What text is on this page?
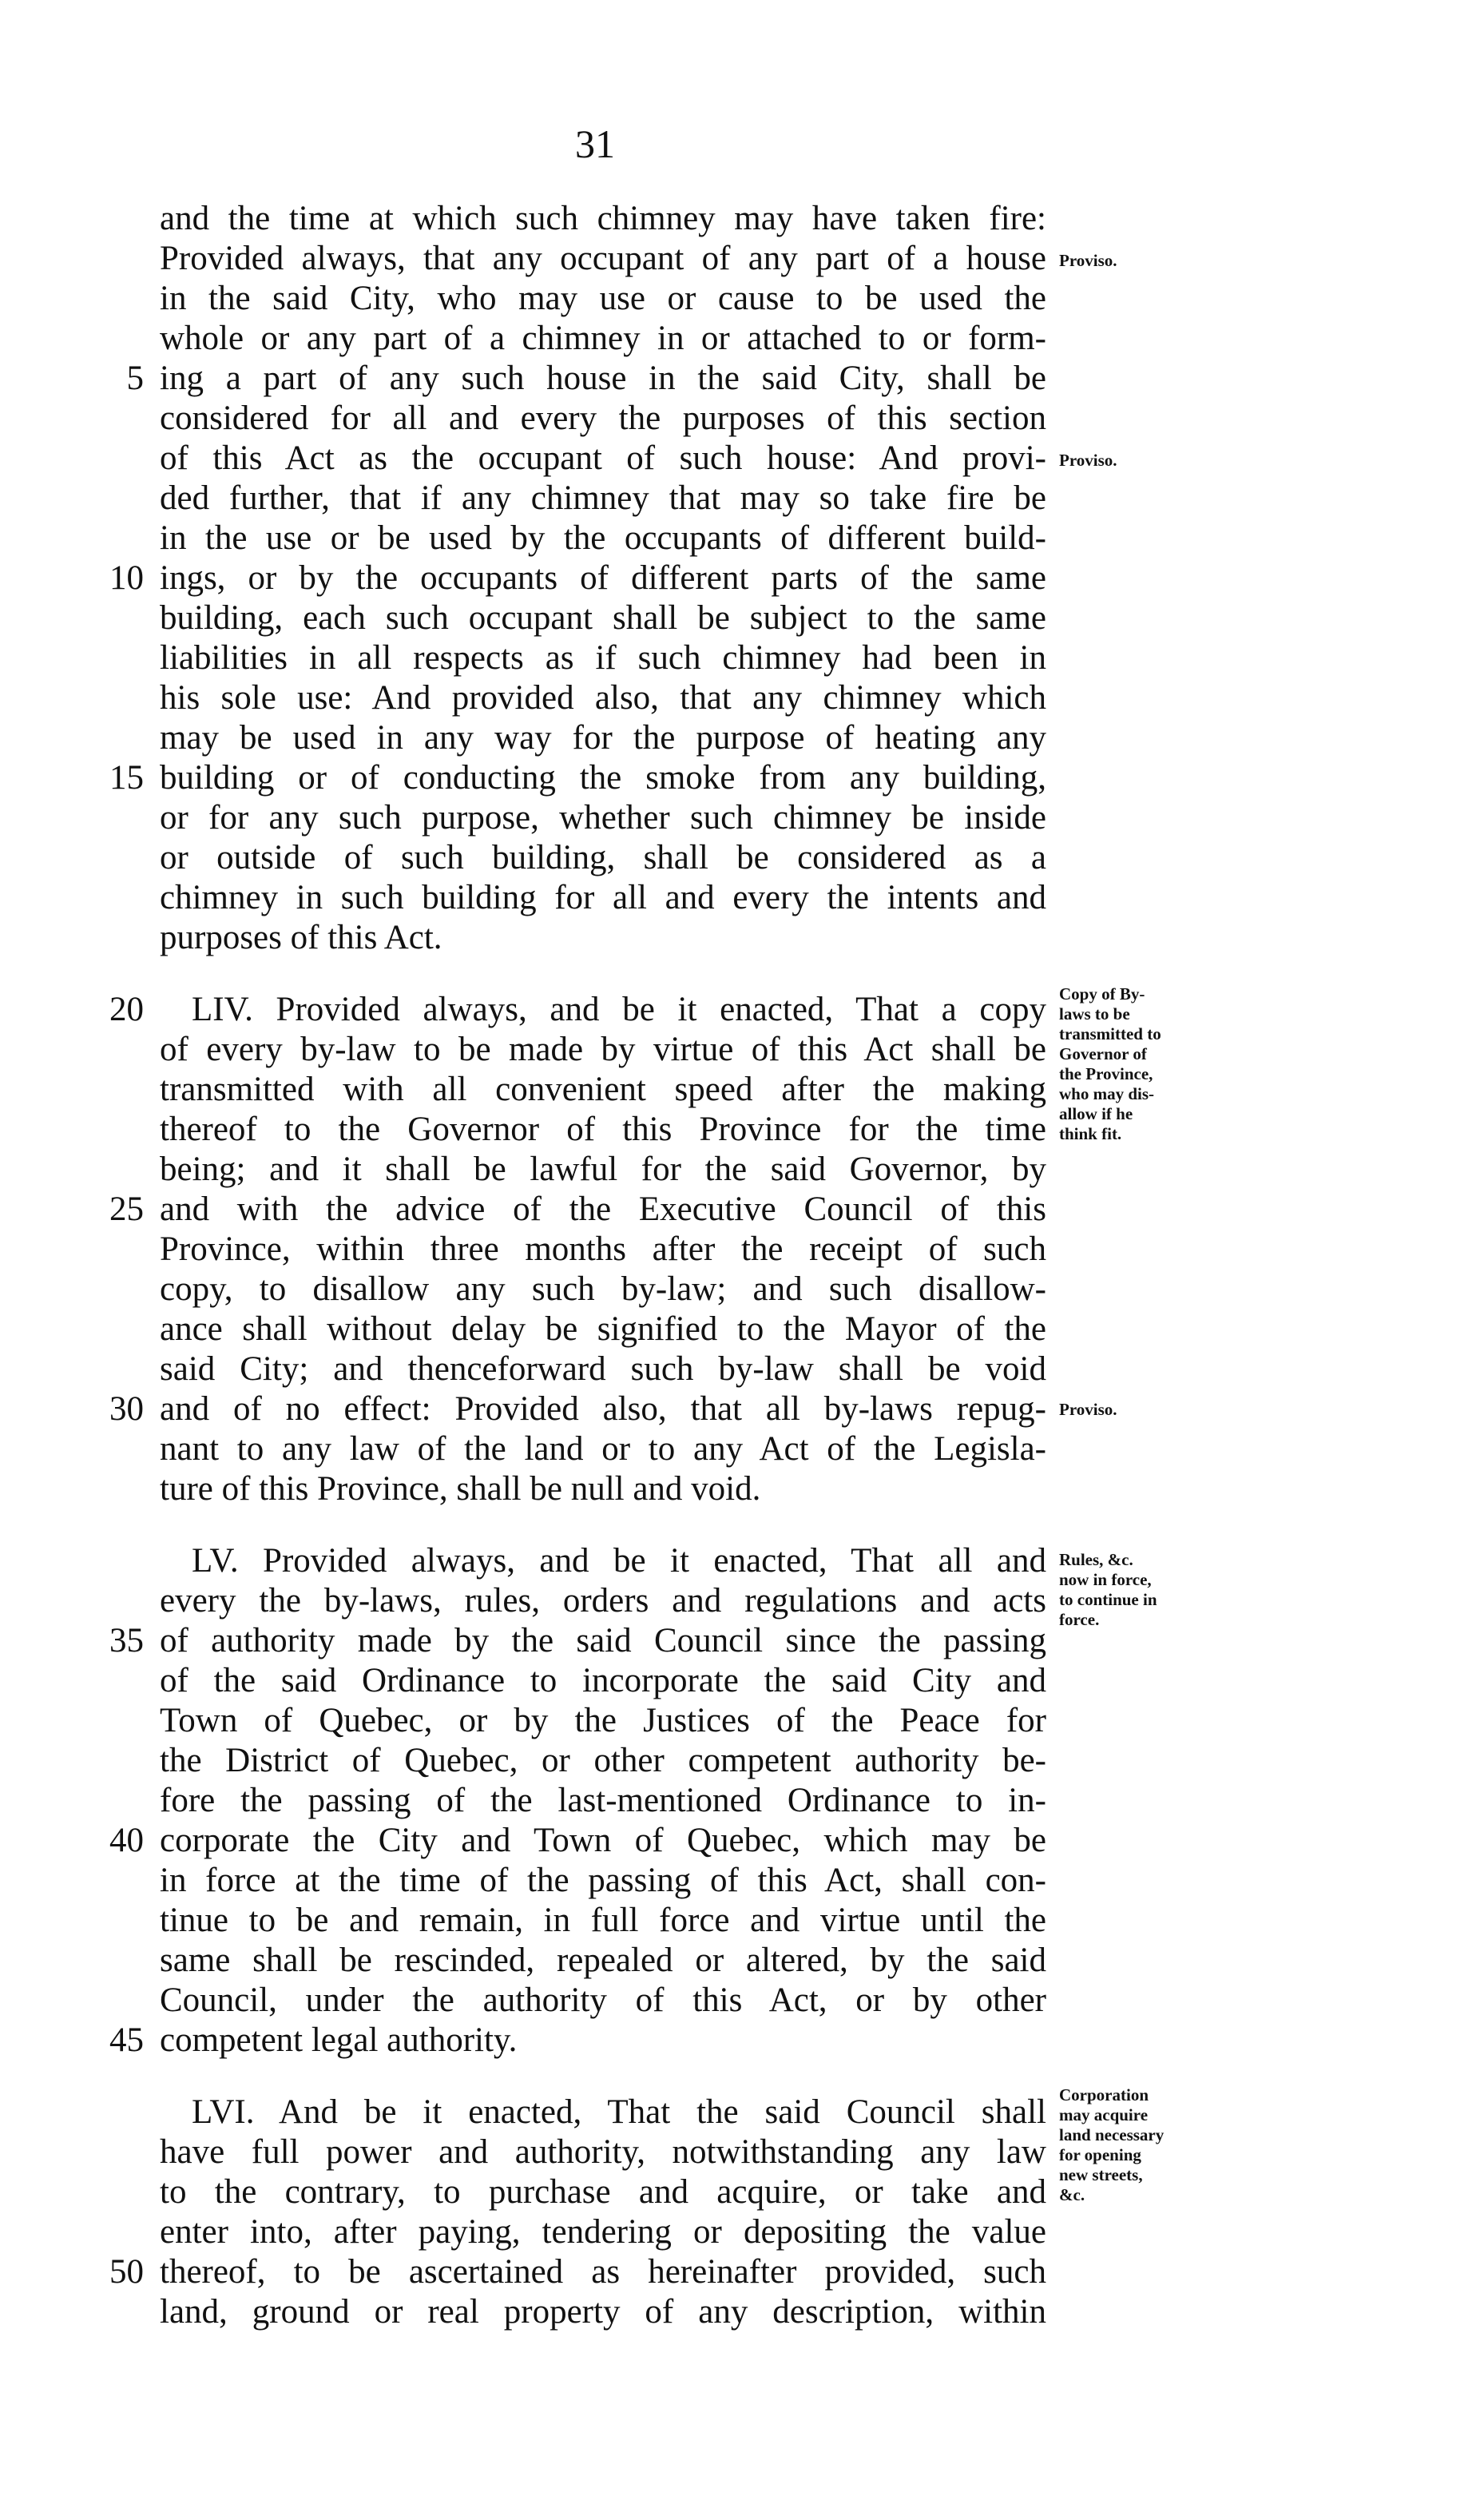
31
and the time at which such chimney may have taken fire:
Provided always, that any occupant of any part of a house
in the said City, who may use or cause to be used the
whole or any part of a chimney in or attached to or form-
ing a part of any such house in the said City, shall be
considered for all and every the purposes of this section
of this Act as the occupant of such house: And provi-
ded further, that if any chimney that may so take fire be
in the use or be used by the occupants of different build-
ings, or by the occupants of different parts of the same
building, each such occupant shall be subject to the same
liabilities in all respects as if such chimney had been in
his sole use: And provided also, that any chimney which
may be used in any way for the purpose of heating any
building or of conducting the smoke from any building,
or for any such purpose, whether such chimney be inside
or outside of such building, shall be considered as a
chimney in such building for all and every the intents and
purposes of this Act.
LIV. Provided always, and be it enacted, That a copy
of every by-law to be made by virtue of this Act shall be
transmitted with all convenient speed after the making
thereof to the Governor of this Province for the time
being; and it shall be lawful for the said Governor, by
and with the advice of the Executive Council of this
Province, within three months after the receipt of such
copy, to disallow any such by-law; and such disallow-
ance shall without delay be signified to the Mayor of the
said City; and thenceforward such by-law shall be void
and of no effect: Provided also, that all by-laws repug-
nant to any law of the land or to any Act of the Legisla-
ture of this Province, shall be null and void.
LV. Provided always, and be it enacted, That all and
every the by-laws, rules, orders and regulations and acts
of authority made by the said Council since the passing
of the said Ordinance to incorporate the said City and
Town of Quebec, or by the Justices of the Peace for
the District of Quebec, or other competent authority be-
fore the passing of the last-mentioned Ordinance to in-
corporate the City and Town of Quebec, which may be
in force at the time of the passing of this Act, shall con-
tinue to be and remain, in full force and virtue until the
same shall be rescinded, repealed or altered, by the said
Council, under the authority of this Act, or by other
competent legal authority.
LVI. And be it enacted, That the said Council shall
have full power and authority, notwithstanding any law
to the contrary, to purchase and acquire, or take and
enter into, after paying, tendering or depositing the value
thereof, to be ascertained as hereinafter provided, such
land, ground or real property of any description, within
5
10
15
20
25
30
35
40
45
50
Proviso.
Proviso.
Copy of By-
laws to be
transmitted to
Governor of
the Province,
who may dis-
allow if he
think fit.
Proviso.
Rules, &c.
now in force,
to continue in
force.
Corporation
may acquire
land necessary
for opening
new streets,
&c.
